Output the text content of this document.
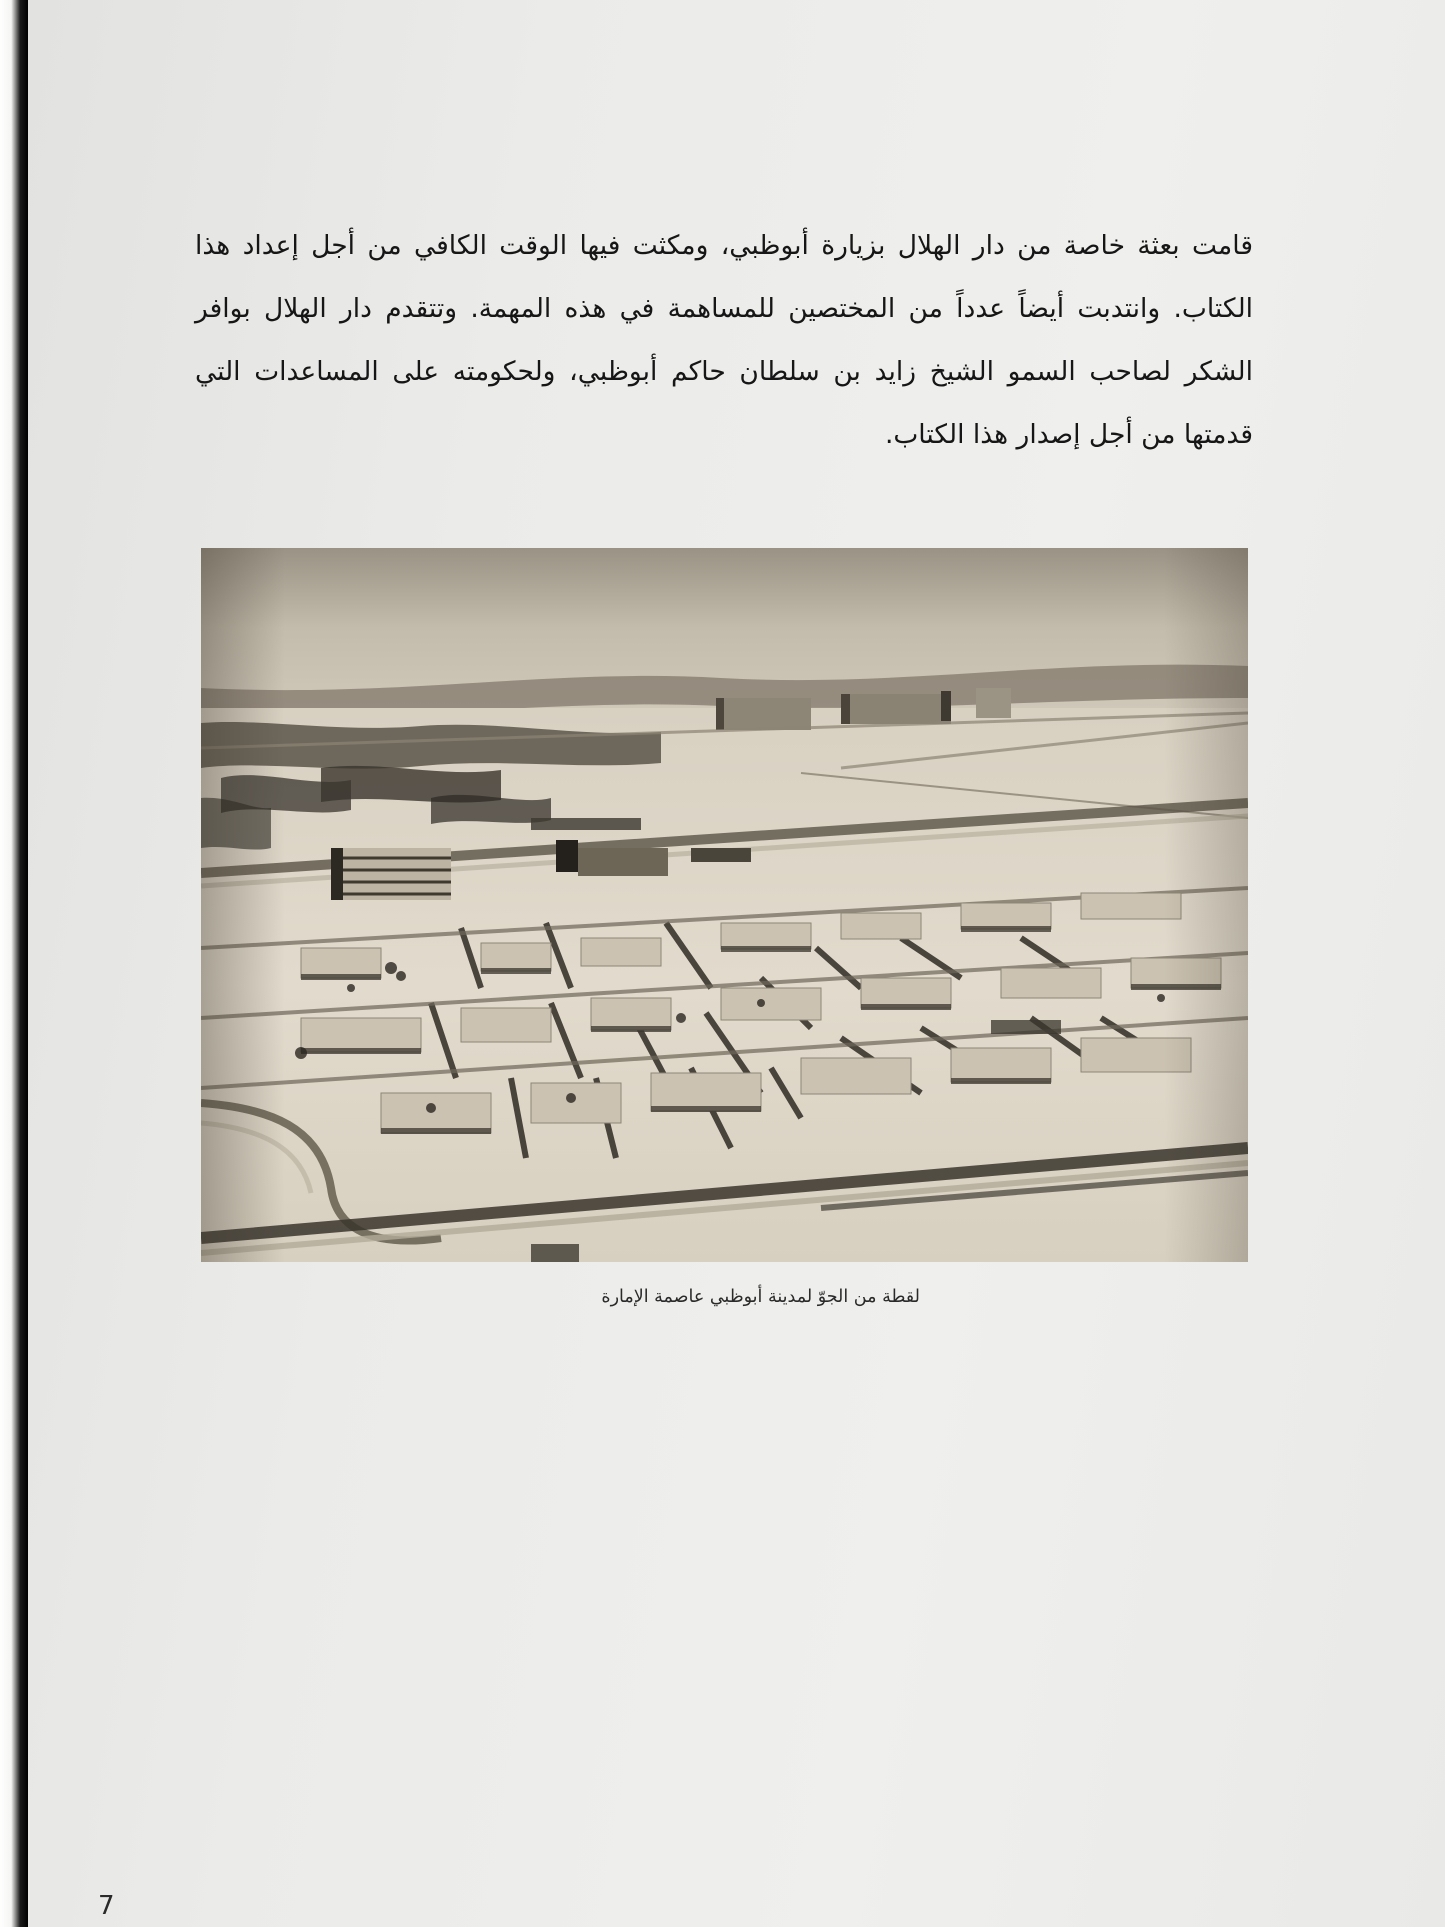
قامت بعثة خاصة من دار الهلال بزيارة أبوظبي، ومكثت فيها الوقت الكافي من أجل إعداد هذا الكتاب. وانتدبت أيضاً عدداً من المختصين للمساهمة في هذه المهمة. وتتقدم دار الهلال بوافر الشكر لصاحب السمو الشيخ زايد بن سلطان حاكم أبوظبي، ولحكومته على المساعدات التي قدمتها من أجل إصدار هذا الكتاب.

لقطة من الجوّ لمدينة أبوظبي عاصمة الإمارة

7
